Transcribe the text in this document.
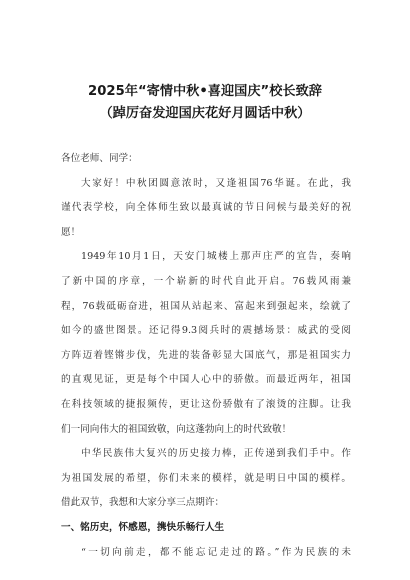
2025年“寄情中秋•喜迎国庆”校长致辞
（踔厉奋发迎国庆花好月圆话中秋）
各位老师、同学：
大家好！中秋团圆意浓时，又逢祖国76华诞。在此，我
谨代表学校，向全体师生致以最真诚的节日问候与最美好的祝
愿！
1949年10月1日，天安门城楼上那声庄严的宣告，奏响
了新中国的序章，一个崭新的时代自此开启。76载风雨兼
程，76载砥砺奋进，祖国从站起来、富起来到强起来，绘就了
如今的盛世图景。还记得9.3阅兵时的震撼场景：威武的受阅
方阵迈着铿锵步伐，先进的装备彰显大国底气，那是祖国实力
的直观见证，更是每个中国人心中的骄傲。而最近两年，祖国
在科技领域的捷报频传，更让这份骄傲有了滚烫的注脚。让我
们一同向伟大的祖国致敬，向这蓬勃向上的时代致敬！
中华民族伟大复兴的历史接力棒，正传递到我们手中。作
为祖国发展的希望，你们未来的模样，就是明日中国的模样。
借此双节，我想和大家分享三点期许：
一、铭历史，怀感恩，携快乐畅行人生
“一切向前走，都不能忘记走过的路。”作为民族的未
